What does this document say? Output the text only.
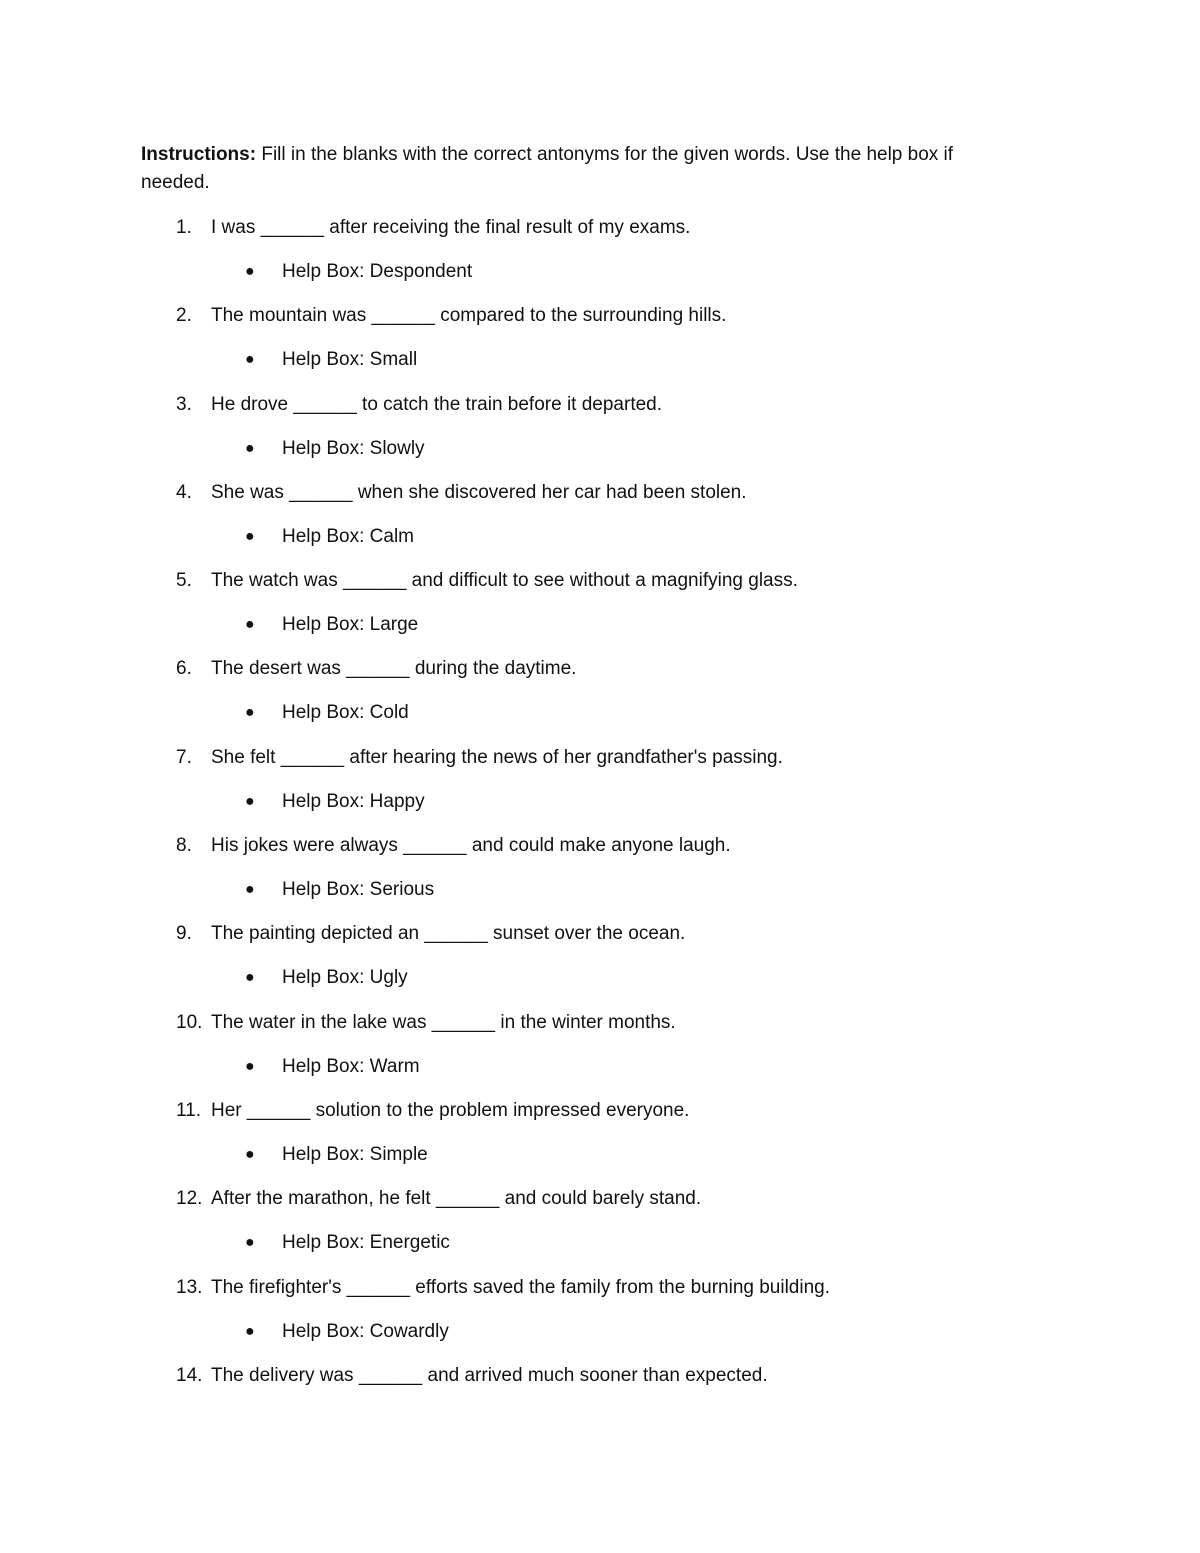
Instructions: Fill in the blanks with the correct antonyms for the given words. Use the help box if needed.

1. I was ______ after receiving the final result of my exams.
● Help Box: Despondent
2. The mountain was ______ compared to the surrounding hills.
● Help Box: Small
3. He drove ______ to catch the train before it departed.
● Help Box: Slowly
4. She was ______ when she discovered her car had been stolen.
● Help Box: Calm
5. The watch was ______ and difficult to see without a magnifying glass.
● Help Box: Large
6. The desert was ______ during the daytime.
● Help Box: Cold
7. She felt ______ after hearing the news of her grandfather's passing.
● Help Box: Happy
8. His jokes were always ______ and could make anyone laugh.
● Help Box: Serious
9. The painting depicted an ______ sunset over the ocean.
● Help Box: Ugly
10. The water in the lake was ______ in the winter months.
● Help Box: Warm
11. Her ______ solution to the problem impressed everyone.
● Help Box: Simple
12. After the marathon, he felt ______ and could barely stand.
● Help Box: Energetic
13. The firefighter's ______ efforts saved the family from the burning building.
● Help Box: Cowardly
14. The delivery was ______ and arrived much sooner than expected.
